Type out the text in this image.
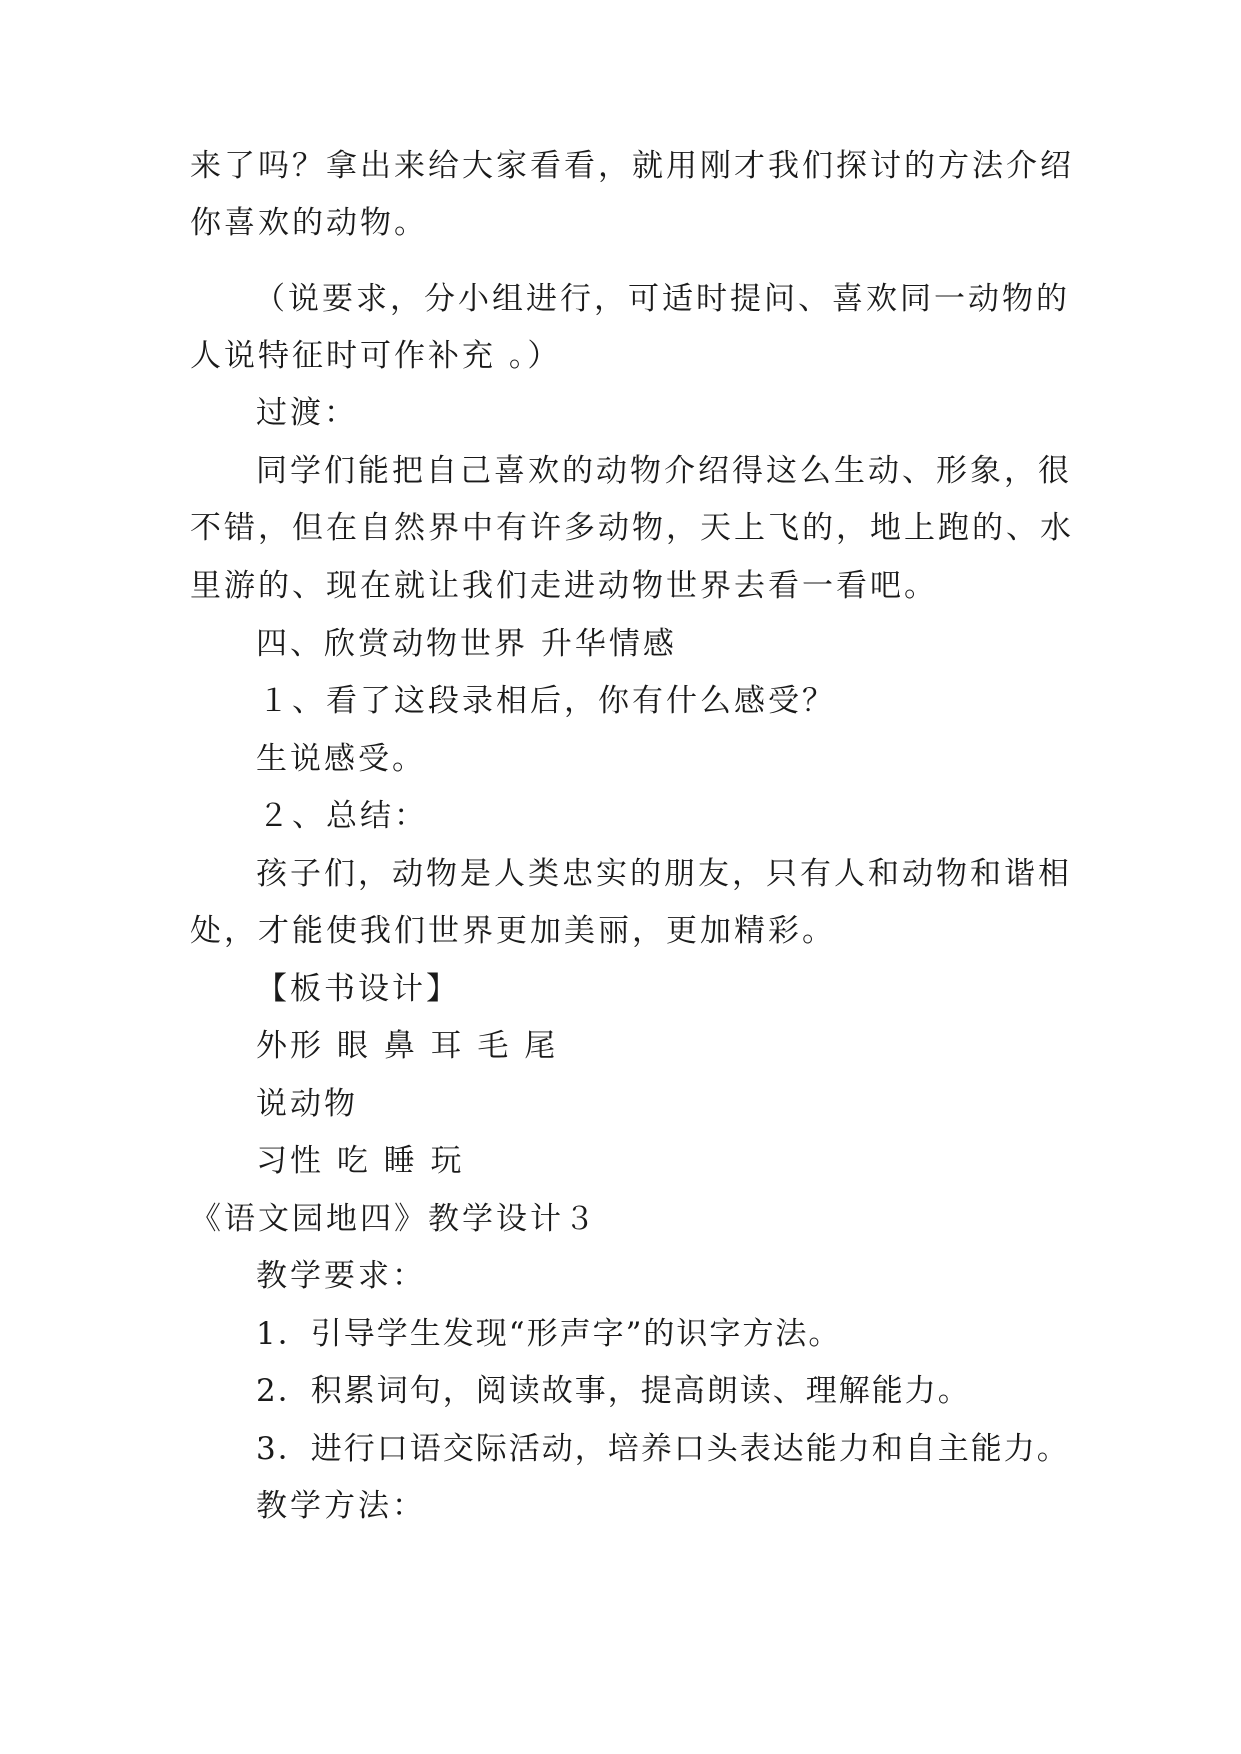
来了吗？拿出来给大家看看，就用刚才我们探讨的方法介绍
你喜欢的动物。
（说要求，分小组进行，可适时提问、喜欢同一动物的
人说特征时可作补充 。）
过渡：
同学们能把自己喜欢的动物介绍得这么生动、形象，很
不错，但在自然界中有许多动物，天上飞的，地上跑的、水
里游的、现在就让我们走进动物世界去看一看吧。
四、欣赏动物世界 升华情感
１、看了这段录相后，你有什么感受？
生说感受。
２、总结：
孩子们，动物是人类忠实的朋友，只有人和动物和谐相
处，才能使我们世界更加美丽，更加精彩。
【板书设计】
外形 眼 鼻 耳 毛 尾
说动物
习性 吃 睡 玩
《语文园地四》教学设计３
教学要求：
1．引导学生发现“形声字”的识字方法。
2．积累词句，阅读故事，提高朗读、理解能力。
3．进行口语交际活动，培养口头表达能力和自主能力。
教学方法：
